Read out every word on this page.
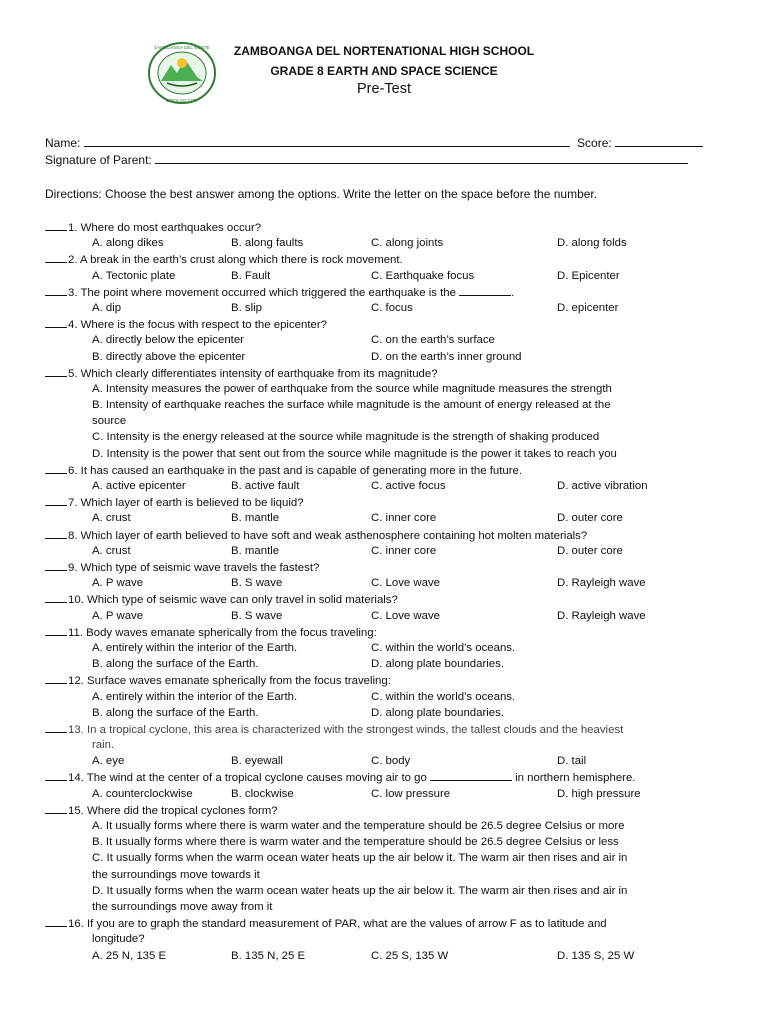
ZAMBOANGA DEL NORTE
DIPOLOG CITY
ZAMBOANGA DEL NORTENATIONAL HIGH SCHOOL
GRADE 8 EARTH AND SPACE SCIENCE
Pre-Test
Name:	Score:
Signature of Parent:
Directions: Choose the best answer among the options. Write the letter on the space before the number.
1. Where do most earthquakes occur?
A. along dikes	B. along faults	C. along joints	D. along folds
2. A break in the earth’s crust along which there is rock movement.
A. Tectonic plate	B. Fault	C. Earthquake focus	D. Epicenter
3. The point where movement occurred which triggered the earthquake is the	.
A. dip	B. slip	C. focus	D. epicenter
4. Where is the focus with respect to the epicenter?
A. directly below the epicenter	C. on the earth’s surface
B. directly above the epicenter	D. on the earth’s inner ground
5. Which clearly differentiates intensity of earthquake from its magnitude?
A. Intensity measures the power of earthquake from the source while magnitude measures the strength
B. Intensity of earthquake reaches the surface while magnitude is the amount of energy released at the
source
C. Intensity is the energy released at the source while magnitude is the strength of shaking produced
D. Intensity is the power that sent out from the source while magnitude is the power it takes to reach you
6. It has caused an earthquake in the past and is capable of generating more in the future.
A. active epicenter	B. active fault	C. active focus	D. active vibration
7. Which layer of earth is believed to be liquid?
A. crust	B. mantle	C. inner core	D. outer core
8. Which layer of earth believed to have soft and weak asthenosphere containing hot molten materials?
A. crust	B. mantle	C. inner core	D. outer core
9. Which type of seismic wave travels the fastest?
A. P wave	B. S wave	C. Love wave	D. Rayleigh wave
10. Which type of seismic wave can only travel in solid materials?
A. P wave	B. S wave	C. Love wave	D. Rayleigh wave
11. Body waves emanate spherically from the focus traveling:
A. entirely within the interior of the Earth.	C. within the world’s oceans.
B. along the surface of the Earth.	D. along plate boundaries.
12. Surface waves emanate spherically from the focus traveling:
A. entirely within the interior of the Earth.	C. within the world’s oceans.
B. along the surface of the Earth.	D. along plate boundaries.
13. In a tropical cyclone, this area is characterized with the strongest winds, the tallest clouds and the heaviest
rain.
A. eye	B. eyewall	C. body	D. tail
14. The wind at the center of a tropical cyclone causes moving air to go	in northern hemisphere.
A. counterclockwise	B. clockwise	C. low pressure	D. high pressure
15. Where did the tropical cyclones form?
A. It usually forms where there is warm water and the temperature should be 26.5 degree Celsius or more
B. It usually forms where there is warm water and the temperature should be 26.5 degree Celsius or less
C. It usually forms when the warm ocean water heats up the air below it. The warm air then rises and air in
the surroundings move towards it
D. It usually forms when the warm ocean water heats up the air below it. The warm air then rises and air in
the surroundings move away from it
16. If you are to graph the standard measurement of PAR, what are the values of arrow F as to latitude and
longitude?
A. 25 N, 135 E	B. 135 N, 25 E	C. 25 S, 135 W	D. 135 S, 25 W
